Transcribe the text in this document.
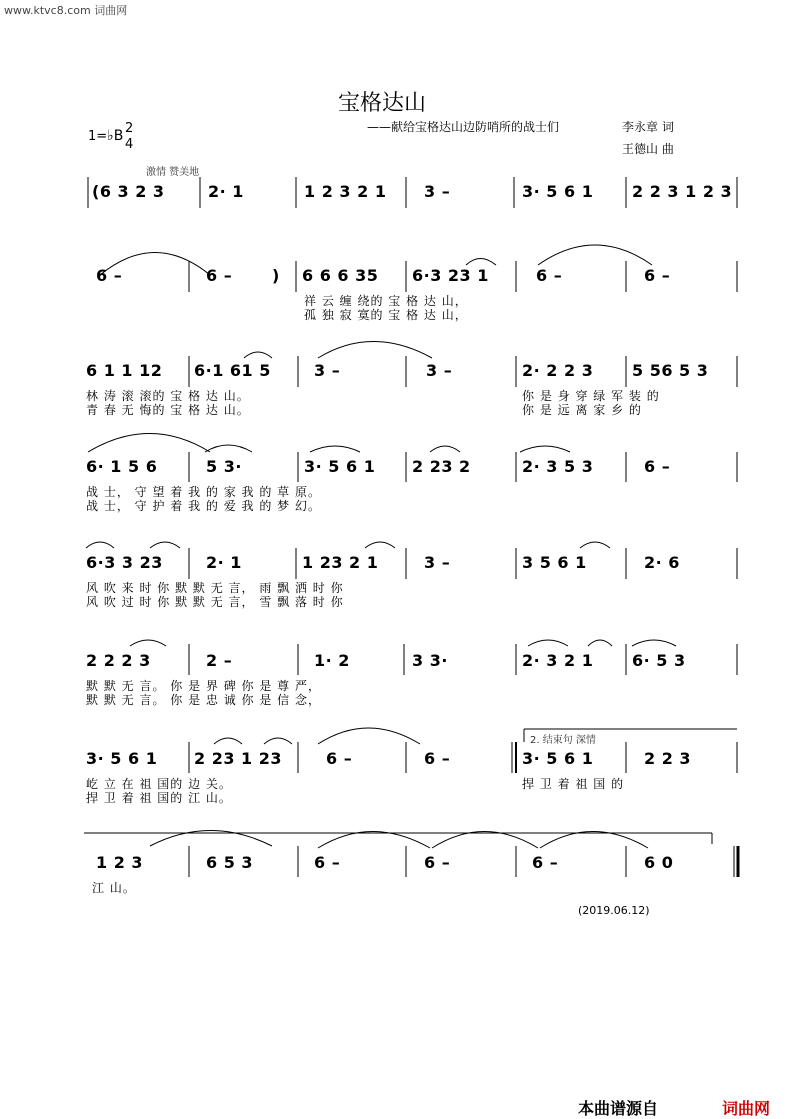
www.ktvc8.com 词曲网
宝格达山
——献给宝格达山边防哨所的战士们	李永章 词
王德山 曲
1=♭B 2
4
激情 赞美地
(6 3 2 3	2· 1	1 2 3 2 1 3 –	3· 5 6 1 2 2 3 1 2 3
6 –	6 – ) 6 6 6 35 6·3 23 1	6 –	6 –
祥 云 缠 绕的 宝 格 达 山，
孤 独 寂 寞的 宝 格 达 山，
6 1 1 12 6·1 61 5	3 –	3 –	2· 2 2 3 5 56 5 3
林 涛 滚 滚的 宝 格 达 山。
青 春 无 悔的 宝 格 达 山。
你 是 身 穿 绿 军 装 的
你 是 远 离 家 乡 的
6· 1 5 6	5 3·	3· 5 6 1 2 23 2	2· 3 5 3	6 –
战 士， 守 望 着 我 的 家 我 的 草 原。
战 士， 守 护 着 我 的 爱 我 的 梦 幻。
6·3 3 23	2· 1	1 23 2 1	3 –	3 5 6 1	2· 6
风 吹 来 时 你 默 默 无 言， 雨 飘 洒 时 你
风 吹 过 时 你 默 默 无 言， 雪 飘 落 时 你
2 2 2 3	2 –	1· 2	3 3·	2· 3 2 1 6· 5 3
默 默 无 言。 你 是 界 碑 你 是 尊 严，
默 默 无 言。 你 是 忠 诚 你 是 信 念，
2. 结束句 深情
3· 5 6 1 2 23 1 23	6 –	6 –	3· 5 6 1	2 2 3
屹 立 在 祖 国的 边 关。
捍 卫 着 祖 国的 江 山。
捍 卫 着 祖 国 的
1 2 3	6 5 3	6 –	6 –	6 –	6 0
江 山。
(2019.06.12)
本曲谱源自	词曲网
